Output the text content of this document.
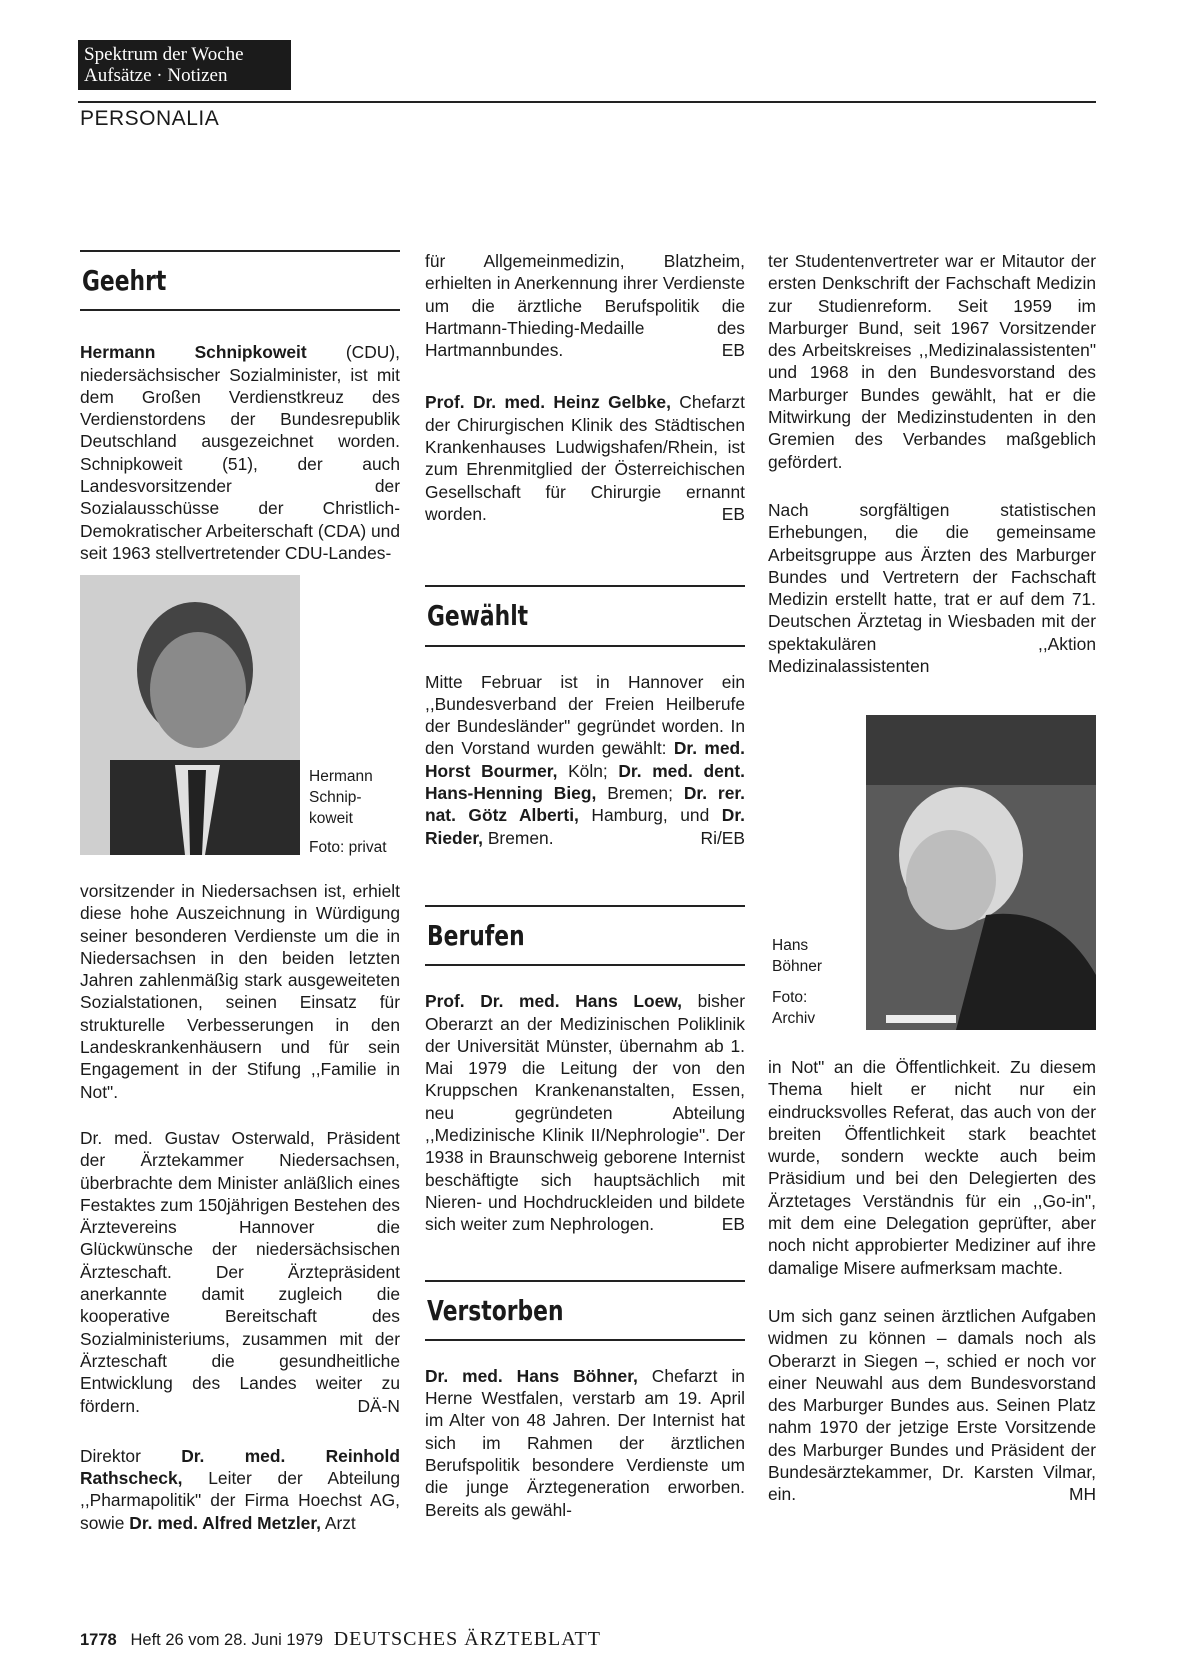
Spektrum der Woche
Aufsätze · Notizen
PERSONALIA
Geehrt

Hermann Schnipkoweit (CDU), niedersächsischer Sozialminister, ist mit dem Großen Verdienstkreuz des Verdienstordens der Bundesrepublik Deutschland ausgezeichnet worden. Schnipkoweit (51), der auch Landesvorsitzender der Sozialausschüsse der Christlich-Demokratischer Arbeiterschaft (CDA) und seit 1963 stellvertretender CDU-Landes-

Hermann
Schnip-
koweit
Foto: privat

vorsitzender in Niedersachsen ist, erhielt diese hohe Auszeichnung in Würdigung seiner besonderen Verdienste um die in Niedersachsen in den beiden letzten Jahren zahlenmäßig stark ausgeweiteten Sozialstationen, seinen Einsatz für strukturelle Verbesserungen in den Landeskrankenhäusern und für sein Engagement in der Stifung ,,Familie in Not".

Dr. med. Gustav Osterwald, Präsident der Ärztekammer Niedersachsen, überbrachte dem Minister anläßlich eines Festaktes zum 150jährigen Bestehen des Ärztevereins Hannover die Glückwünsche der niedersächsischen Ärzteschaft. Der Ärztepräsident anerkannte damit zugleich die kooperative Bereitschaft des Sozialministeriums, zusammen mit der Ärzteschaft die gesundheitliche Entwicklung des Landes weiter zu fördern.	DÄ-N

Direktor Dr. med. Reinhold Rathscheck, Leiter der Abteilung ,,Pharmapolitik" der Firma Hoechst AG, sowie Dr. med. Alfred Metzler, Arzt

für Allgemeinmedizin, Blatzheim, erhielten in Anerkennung ihrer Verdienste um die ärztliche Berufspolitik die Hartmann-Thieding-Medaille des Hartmannbundes.	EB

Prof. Dr. med. Heinz Gelbke, Chefarzt der Chirurgischen Klinik des Städtischen Krankenhauses Ludwigshafen/Rhein, ist zum Ehrenmitglied der Österreichischen Gesellschaft für Chirurgie ernannt worden.	EB

Gewählt

Mitte Februar ist in Hannover ein ,,Bundesverband der Freien Heilberufe der Bundesländer" gegründet worden. In den Vorstand wurden gewählt: Dr. med. Horst Bourmer, Köln; Dr. med. dent. Hans-Henning Bieg, Bremen; Dr. rer. nat. Götz Alberti, Hamburg, und Dr. Rieder, Bremen.	Ri/EB

Berufen

Prof. Dr. med. Hans Loew, bisher Oberarzt an der Medizinischen Poliklinik der Universität Münster, übernahm ab 1. Mai 1979 die Leitung der von den Kruppschen Krankenanstalten, Essen, neu gegründeten Abteilung ,,Medizinische Klinik II/Nephrologie". Der 1938 in Braunschweig geborene Internist beschäftigte sich hauptsächlich mit Nieren- und Hochdruckleiden und bildete sich weiter zum Nephrologen.	EB

Verstorben

Dr. med. Hans Böhner, Chefarzt in Herne Westfalen, verstarb am 19. April im Alter von 48 Jahren. Der Internist hat sich im Rahmen der ärztlichen Berufspolitik besondere Verdienste um die junge Ärztegeneration erworben. Bereits als gewähl-

ter Studentenvertreter war er Mitautor der ersten Denkschrift der Fachschaft Medizin zur Studienreform. Seit 1959 im Marburger Bund, seit 1967 Vorsitzender des Arbeitskreises ,,Medizinalassistenten" und 1968 in den Bundesvorstand des Marburger Bundes gewählt, hat er die Mitwirkung der Medizinstudenten in den Gremien des Verbandes maßgeblich gefördert.

Nach sorgfältigen statistischen Erhebungen, die die gemeinsame Arbeitsgruppe aus Ärzten des Marburger Bundes und Vertretern der Fachschaft Medizin erstellt hatte, trat er auf dem 71. Deutschen Ärztetag in Wiesbaden mit der spektakulären ,,Aktion Medizinalassistenten

Hans
Böhner
Foto:
Archiv

in Not" an die Öffentlichkeit. Zu diesem Thema hielt er nicht nur ein eindrucksvolles Referat, das auch von der breiten Öffentlichkeit stark beachtet wurde, sondern weckte auch beim Präsidium und bei den Delegierten des Ärztetages Verständnis für ein ,,Go-in", mit dem eine Delegation geprüfter, aber noch nicht approbierter Mediziner auf ihre damalige Misere aufmerksam machte.

Um sich ganz seinen ärztlichen Aufgaben widmen zu können – damals noch als Oberarzt in Siegen –, schied er noch vor einer Neuwahl aus dem Bundesvorstand des Marburger Bundes aus. Seinen Platz nahm 1970 der jetzige Erste Vorsitzende des Marburger Bundes und Präsident der Bundesärztekammer, Dr. Karsten Vilmar, ein.	MH

1778 Heft 26 vom 28. Juni 1979 DEUTSCHES ÄRZTEBLATT
